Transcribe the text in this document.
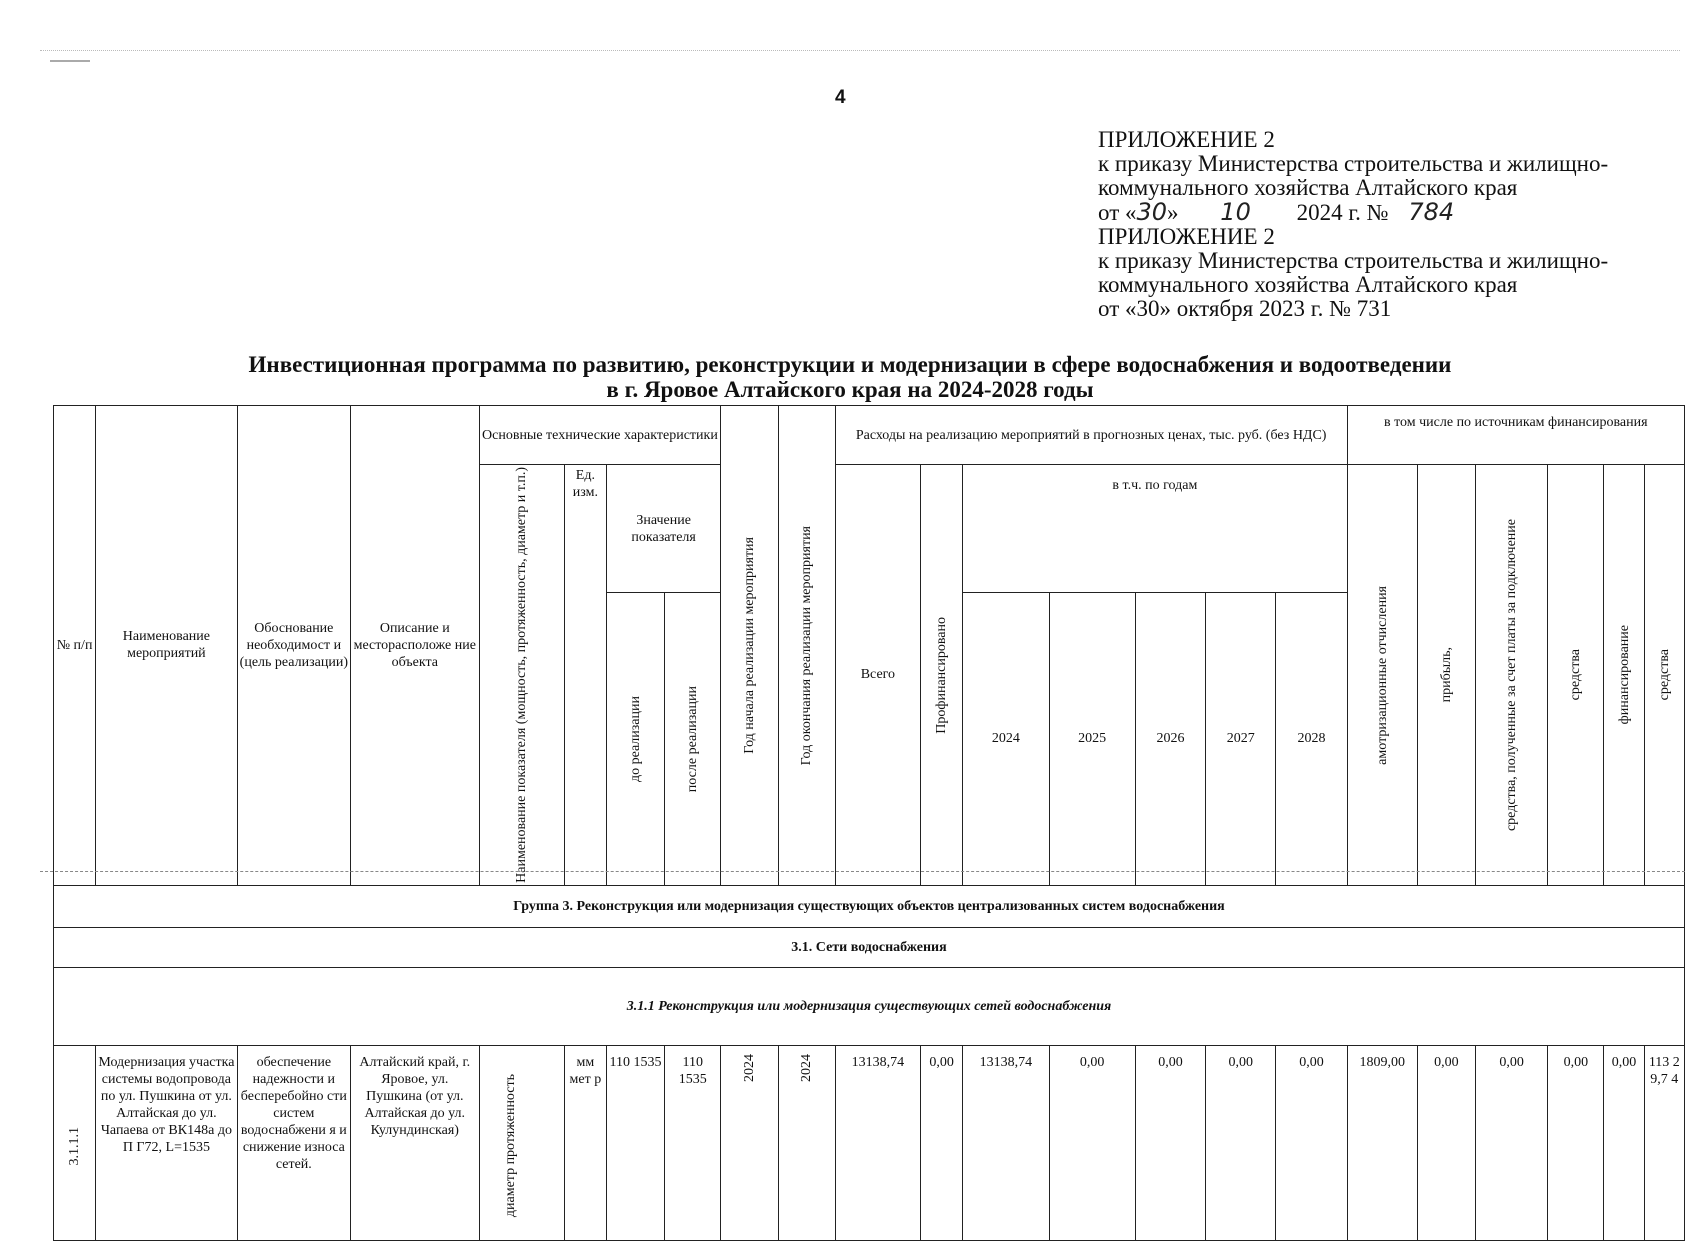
4
ПРИЛОЖЕНИЕ 2
к приказу Министерства строительства и жилищно-
коммунального хозяйства Алтайского края
от «30» 10 2024 г. № 784
ПРИЛОЖЕНИЕ 2
к приказу Министерства строительства и жилищно-
коммунального хозяйства Алтайского края
от «30» октября 2023 г. № 731
Инвестиционная программа по развитию, реконструкции и модернизации в сфере водоснабжения и водоотведении
в г. Яровое Алтайского края на 2024-2028 годы
№ п/п	Наименование мероприятий	Обоснование необходимост и (цель реализации)	Описание и месторасположе ние объекта	Основные технические характеристики				Год начала реализации мероприятия	Год окончания реализации мероприятия	Расходы на реализацию мероприятий в прогнозных ценах, тыс. руб. (без НДС)							в том числе по источникам финансирования					

				Наименование показателя (мощность, протяженность, диаметр и т.п.)	Ед. изм.	Значение показателя				Всего	Профинансировано	в т.ч. по годам					амотризационные отчисления	прибыль,	средства, полученные за счет платы за подключение	средства	финансирование	средства

						до реализации	после реализации					2024	2025	2026	2027	2028						
Группа 3. Реконструкция или модернизация существующих объектов централизованных систем водоснабжения																						
3.1. Сети водоснабжения																						
3.1.1 Реконструкция или модернизация существующих сетей водоснабжения																						

3.1.1.1	Модернизация участка системы водопровода по ул. Пушкина от ул. Алтайская до ул. Чапаева от ВК148а до П Г72, L=1535	обеспечение надежности и бесперебойно сти систем водоснабжени я и снижение износа сетей.	Алтайский край, г. Яровое, ул. Пушкина (от ул. Алтайская до ул. Кулундинская)	диаметр протяженность	мм мет р	110 1535	110 1535	2024	2024	13138,74	0,00	13138,74	0,00	0,00	0,00	0,00	1809,00	0,00	0,00	0,00	0,00	113 29,7 4
